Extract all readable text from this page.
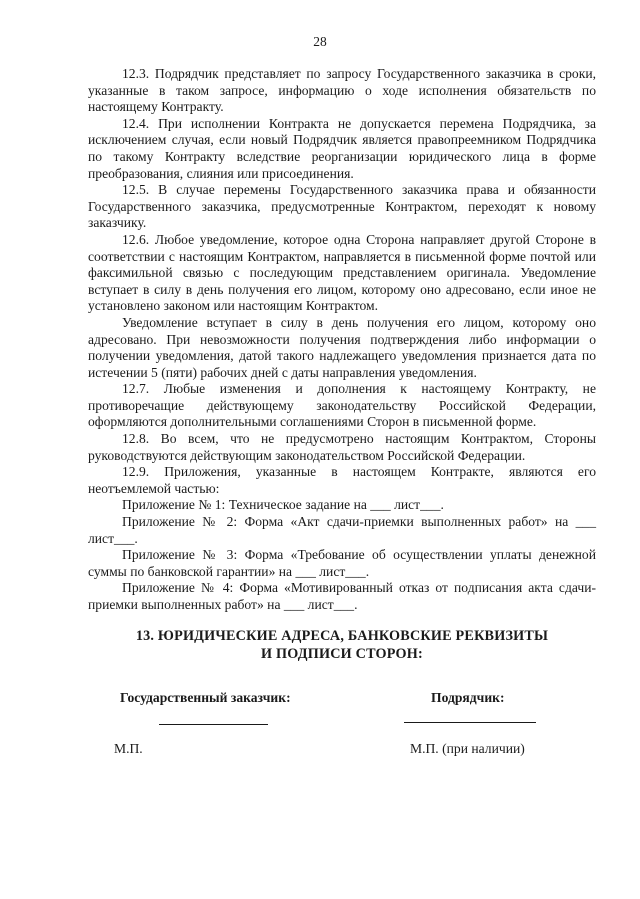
28

12.3. Подрядчик представляет по запросу Государственного заказчика в сроки, указанные в таком запросе, информацию о ходе исполнения обязательств по настоящему Контракту.

12.4. При исполнении Контракта не допускается перемена Подрядчика, за исключением случая, если новый Подрядчик является правопреемником Подрядчика по такому Контракту вследствие реорганизации юридического лица в форме преобразования, слияния или присоединения.

12.5. В случае перемены Государственного заказчика права и обязанности Государственного заказчика, предусмотренные Контрактом, переходят к новому заказчику.

12.6. Любое уведомление, которое одна Сторона направляет другой Стороне в соответствии с настоящим Контрактом, направляется в письменной форме почтой или факсимильной связью с последующим представлением оригинала. Уведомление вступает в силу в день получения его лицом, которому оно адресовано, если иное не установлено законом или настоящим Контрактом.

Уведомление вступает в силу в день получения его лицом, которому оно адресовано. При невозможности получения подтверждения либо информации о получении уведомления, датой такого надлежащего уведомления признается дата по истечении 5 (пяти) рабочих дней с даты направления уведомления.

12.7. Любые изменения и дополнения к настоящему Контракту, не противоречащие действующему законодательству Российской Федерации, оформляются дополнительными соглашениями Сторон в письменной форме.

12.8. Во всем, что не предусмотрено настоящим Контрактом, Стороны руководствуются действующим законодательством Российской Федерации.

12.9. Приложения, указанные в настоящем Контракте, являются его неотъемлемой частью:

Приложение № 1: Техническое задание на ___ лист___.

Приложение № 2: Форма «Акт сдачи-приемки выполненных работ» на ___ лист___.

Приложение № 3: Форма «Требование об осуществлении уплаты денежной суммы по банковской гарантии» на ___ лист___.

Приложение № 4: Форма «Мотивированный отказ от подписания акта сдачи-приемки выполненных работ» на ___ лист___.

13. ЮРИДИЧЕСКИЕ АДРЕСА, БАНКОВСКИЕ РЕКВИЗИТЫ
И ПОДПИСИ СТОРОН:
Государственный заказчик:	Подрядчик:
М.П.	М.П. (при наличии)
